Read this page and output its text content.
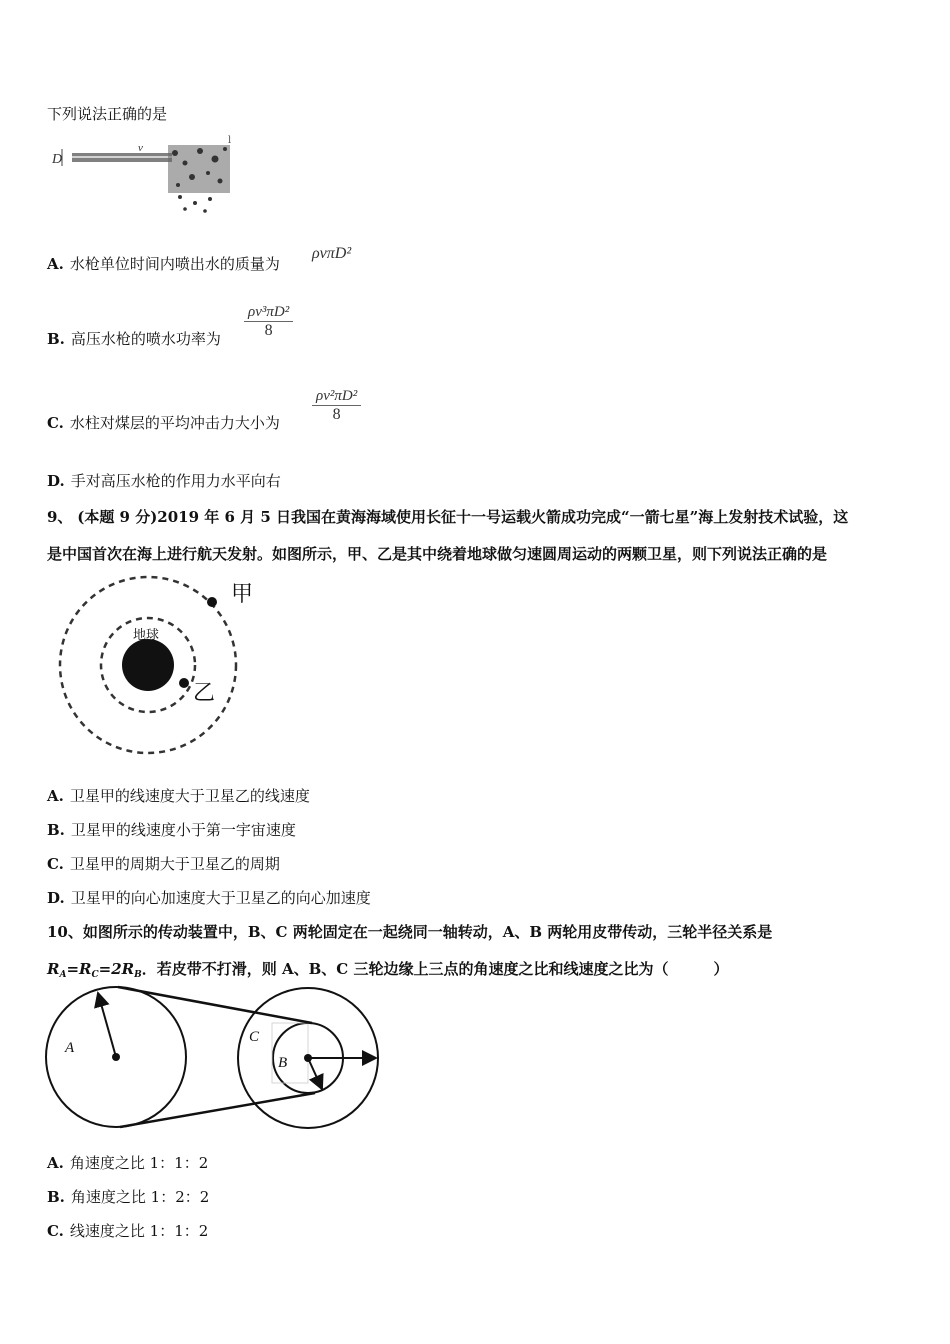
下列说法正确的是
D
v
l
A. 水枪单位时间内喷出水的质量为
ρvπD²
B. 高压水枪的喷水功率为 $\frac{\text{ρv³πD²}}{8}$
C. 水柱对煤层的平均冲击力大小为 $\frac{\text{ρv²πD²}}{8}$
D. 手对高压水枪的作用力水平向右
9、 (本题 9 分)2019 年 6 月 5 日我国在黄海海域使用长征十一号运载火箭成功完成“一箭七星”海上发射技术试验，这
是中国首次在海上进行航天发射。如图所示，甲、乙是其中绕着地球做匀速圆周运动的两颗卫星，则下列说法正确的是
地球
甲
乙
A. 卫星甲的线速度大于卫星乙的线速度
B. 卫星甲的线速度小于第一宇宙速度
C. 卫星甲的周期大于卫星乙的周期
D. 卫星甲的向心加速度大于卫星乙的向心加速度
10、如图所示的传动装置中，B、C 两轮固定在一起绕同一轴转动，A、B 两轮用皮带传动，三轮半径关系是
$R_A=R_C=2R_B$．若皮带不打滑，则 A、B、C 三轮边缘上三点的角速度之比和线速度之比为（　　　）
A
C
B
A. 角速度之比 1：1：2
B. 角速度之比 1：2：2
C. 线速度之比 1：1：2
